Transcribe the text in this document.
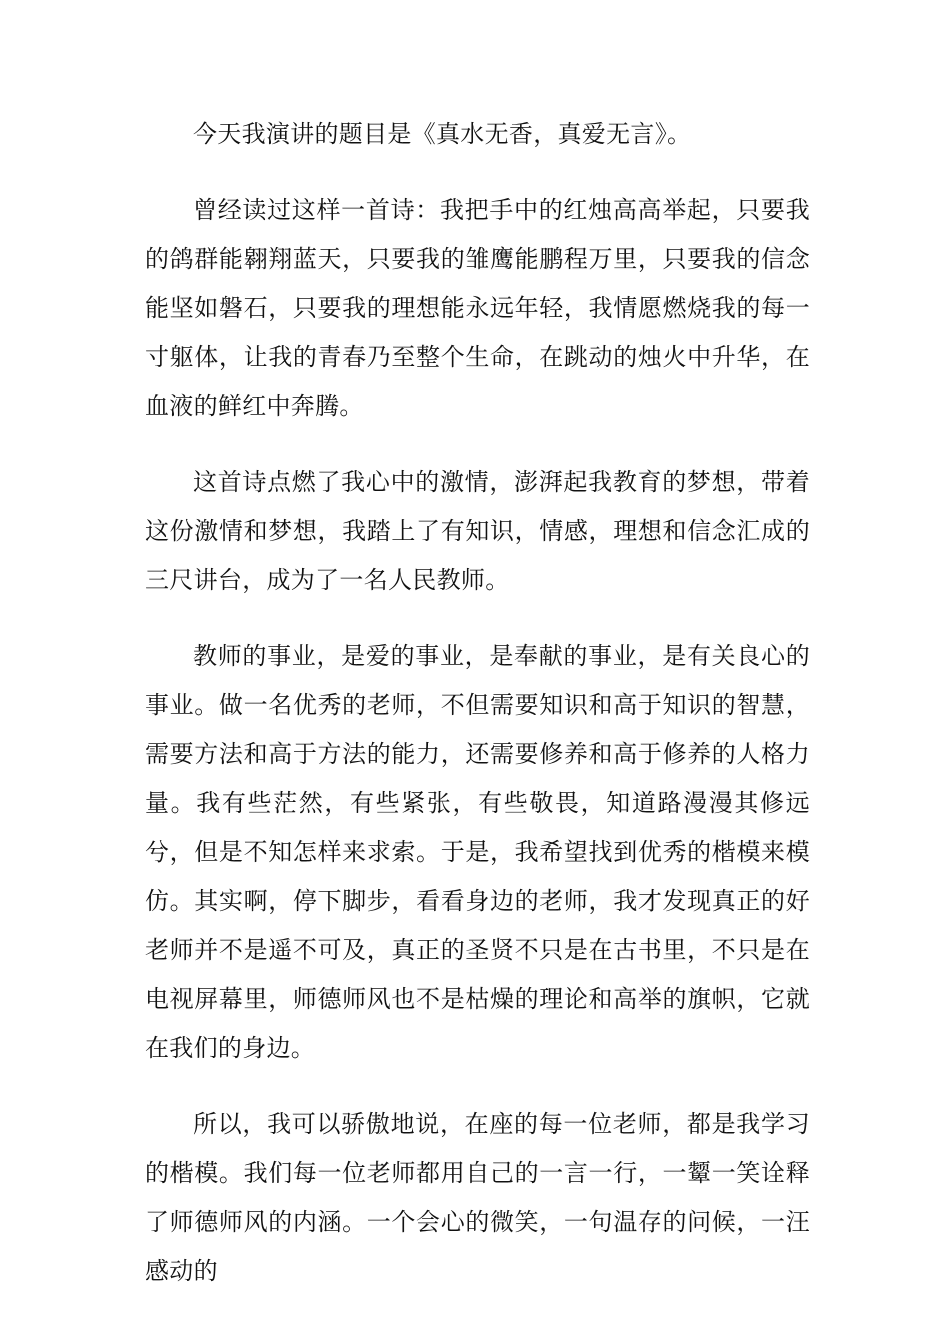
今天我演讲的题目是《真水无香，真爱无言》。

曾经读过这样一首诗：我把手中的红烛高高举起，只要我的鸽群能翱翔蓝天，只要我的雏鹰能鹏程万里，只要我的信念能坚如磐石，只要我的理想能永远年轻，我情愿燃烧我的每一寸躯体，让我的青春乃至整个生命，在跳动的烛火中升华，在血液的鲜红中奔腾。

这首诗点燃了我心中的激情，澎湃起我教育的梦想，带着这份激情和梦想，我踏上了有知识，情感，理想和信念汇成的三尺讲台，成为了一名人民教师。

教师的事业，是爱的事业，是奉献的事业，是有关良心的事业。做一名优秀的老师，不但需要知识和高于知识的智慧，需要方法和高于方法的能力，还需要修养和高于修养的人格力量。我有些茫然，有些紧张，有些敬畏，知道路漫漫其修远兮，但是不知怎样来求索。于是，我希望找到优秀的楷模来模仿。其实啊，停下脚步，看看身边的老师，我才发现真正的好老师并不是遥不可及，真正的圣贤不只是在古书里，不只是在电视屏幕里，师德师风也不是枯燥的理论和高举的旗帜，它就在我们的身边。

所以，我可以骄傲地说，在座的每一位老师，都是我学习的楷模。我们每一位老师都用自己的一言一行，一颦一笑诠释了师德师风的内涵。一个会心的微笑，一句温存的问候，一汪感动的
